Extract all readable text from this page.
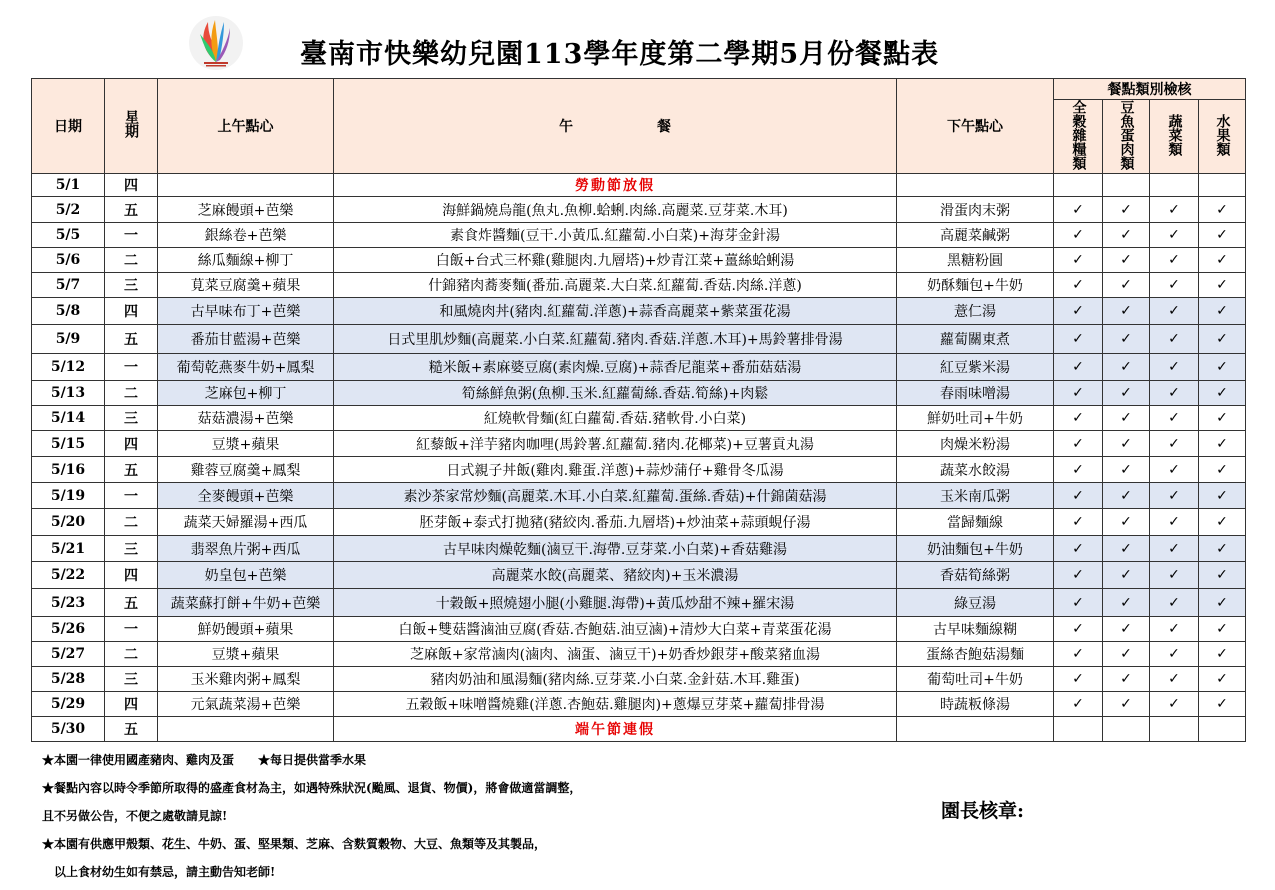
臺南市快樂幼兒園113學年度第二學期5月份餐點表
日期	星期	上午點心	午　　　　　　餐	下午點心	餐點類別檢核			
					全穀雜糧類	豆魚蛋肉類	蔬菜類	水果類
5/1	四		勞動節放假					
5/2	五	芝麻饅頭+芭樂	海鮮鍋燒烏龍(魚丸.魚柳.蛤蜊.肉絲.高麗菜.豆芽菜.木耳)	滑蛋肉末粥	✓	✓	✓	✓
5/5	一	銀絲卷+芭樂	素食炸醬麵(豆干.小黃瓜.紅蘿蔔.小白菜)+海芽金針湯	高麗菜鹹粥	✓	✓	✓	✓
5/6	二	絲瓜麵線+柳丁	白飯+台式三杯雞(雞腿肉.九層塔)+炒青江菜+薑絲蛤蜊湯	黑糖粉圓	✓	✓	✓	✓
5/7	三	莧菜豆腐羹+蘋果	什錦豬肉蕎麥麵(番茄.高麗菜.大白菜.紅蘿蔔.香菇.肉絲.洋蔥)	奶酥麵包+牛奶	✓	✓	✓	✓
5/8	四	古早味布丁+芭樂	和風燒肉丼(豬肉.紅蘿蔔.洋蔥)+蒜香高麗菜+紫菜蛋花湯	薏仁湯	✓	✓	✓	✓
5/9	五	番茄甘藍湯+芭樂	日式里肌炒麵(高麗菜.小白菜.紅蘿蔔.豬肉.香菇.洋蔥.木耳)+馬鈴薯排骨湯	蘿蔔關東煮	✓	✓	✓	✓
5/12	一	葡萄乾燕麥牛奶+鳳梨	糙米飯+素麻婆豆腐(素肉燥.豆腐)+蒜香尼龍菜+番茄菇菇湯	紅豆紫米湯	✓	✓	✓	✓
5/13	二	芝麻包+柳丁	筍絲鮮魚粥(魚柳.玉米.紅蘿蔔絲.香菇.筍絲)+肉鬆	春雨味噌湯	✓	✓	✓	✓
5/14	三	菇菇濃湯+芭樂	紅燒軟骨麵(紅白蘿蔔.香菇.豬軟骨.小白菜)	鮮奶吐司+牛奶	✓	✓	✓	✓
5/15	四	豆漿+蘋果	紅藜飯+洋芋豬肉咖哩(馬鈴薯.紅蘿蔔.豬肉.花椰菜)+豆薯貢丸湯	肉燥米粉湯	✓	✓	✓	✓
5/16	五	雞蓉豆腐羹+鳳梨	日式親子丼飯(雞肉.雞蛋.洋蔥)+蒜炒蒲仔+雞骨冬瓜湯	蔬菜水餃湯	✓	✓	✓	✓
5/19	一	全麥饅頭+芭樂	素沙茶家常炒麵(高麗菜.木耳.小白菜.紅蘿蔔.蛋絲.香菇)+什錦菌菇湯	玉米南瓜粥	✓	✓	✓	✓
5/20	二	蔬菜天婦羅湯+西瓜	胚芽飯+泰式打拋豬(豬絞肉.番茄.九層塔)+炒油菜+蒜頭蜆仔湯	當歸麵線	✓	✓	✓	✓
5/21	三	翡翠魚片粥+西瓜	古早味肉燥乾麵(滷豆干.海帶.豆芽菜.小白菜)+香菇雞湯	奶油麵包+牛奶	✓	✓	✓	✓
5/22	四	奶皇包+芭樂	高麗菜水餃(高麗菜、豬絞肉)+玉米濃湯	香菇筍絲粥	✓	✓	✓	✓
5/23	五	蔬菜蘇打餅+牛奶+芭樂	十穀飯+照燒翅小腿(小雞腿.海帶)+黃瓜炒甜不辣+羅宋湯	綠豆湯	✓	✓	✓	✓
5/26	一	鮮奶饅頭+蘋果	白飯+雙菇醬滷油豆腐(香菇.杏鮑菇.油豆滷)+清炒大白菜+青菜蛋花湯	古早味麵線糊	✓	✓	✓	✓
5/27	二	豆漿+蘋果	芝麻飯+家常滷肉(滷肉、滷蛋、滷豆干)+奶香炒銀芽+酸菜豬血湯	蛋絲杏鮑菇湯麵	✓	✓	✓	✓
5/28	三	玉米雞肉粥+鳳梨	豬肉奶油和風湯麵(豬肉絲.豆芽菜.小白菜.金針菇.木耳.雞蛋)	葡萄吐司+牛奶	✓	✓	✓	✓
5/29	四	元氣蔬菜湯+芭樂	五穀飯+味噌醬燒雞(洋蔥.杏鮑菇.雞腿肉)+蔥爆豆芽菜+蘿蔔排骨湯	時蔬粄條湯	✓	✓	✓	✓
5/30	五		端午節連假					
★本園一律使用國產豬肉、雞肉及蛋　　★每日提供當季水果
★餐點內容以時令季節所取得的盛產食材為主，如遇特殊狀況(颱風、退貨、物價)，將會做適當調整，
且不另做公告，不便之處敬請見諒!
★本園有供應甲殼類、花生、牛奶、蛋、堅果類、芝麻、含麩質穀物、大豆、魚類等及其製品，
　以上食材幼生如有禁忌，請主動告知老師!
園長核章:
